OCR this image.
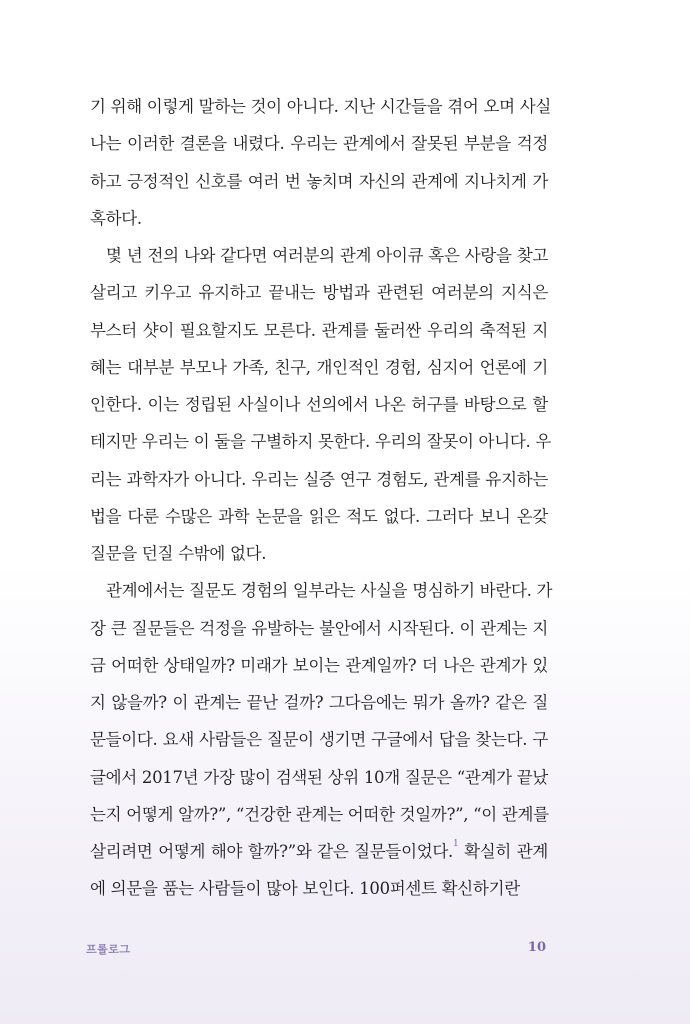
기 위해 이렇게 말하는 것이 아니다. 지난 시간들을 겪어 오며 사실
나는 이러한 결론을 내렸다. 우리는 관계에서 잘못된 부분을 걱정
하고 긍정적인 신호를 여러 번 놓치며 자신의 관계에 지나치게 가
혹하다.
몇 년 전의 나와 같다면 여러분의 관계 아이큐 혹은 사랑을 찾고
살리고 키우고 유지하고 끝내는 방법과 관련된 여러분의 지식은
부스터 샷이 필요할지도 모른다. 관계를 둘러싼 우리의 축적된 지
혜는 대부분 부모나 가족, 친구, 개인적인 경험, 심지어 언론에 기
인한다. 이는 정립된 사실이나 선의에서 나온 허구를 바탕으로 할
테지만 우리는 이 둘을 구별하지 못한다. 우리의 잘못이 아니다. 우
리는 과학자가 아니다. 우리는 실증 연구 경험도, 관계를 유지하는
법을 다룬 수많은 과학 논문을 읽은 적도 없다. 그러다 보니 온갖
질문을 던질 수밖에 없다.
관계에서는 질문도 경험의 일부라는 사실을 명심하기 바란다. 가
장 큰 질문들은 걱정을 유발하는 불안에서 시작된다. 이 관계는 지
금 어떠한 상태일까? 미래가 보이는 관계일까? 더 나은 관계가 있
지 않을까? 이 관계는 끝난 걸까? 그다음에는 뭐가 올까? 같은 질
문들이다. 요새 사람들은 질문이 생기면 구글에서 답을 찾는다. 구
글에서 2017년 가장 많이 검색된 상위 10개 질문은 “관계가 끝났
는지 어떻게 알까?”, “건강한 관계는 어떠한 것일까?”, “이 관계를
살리려면 어떻게 해야 할까?”와 같은 질문들이었다.$^1$ 확실히 관계
에 의문을 품는 사람들이 많아 보인다. 100퍼센트 확신하기란
프롤로그	10
